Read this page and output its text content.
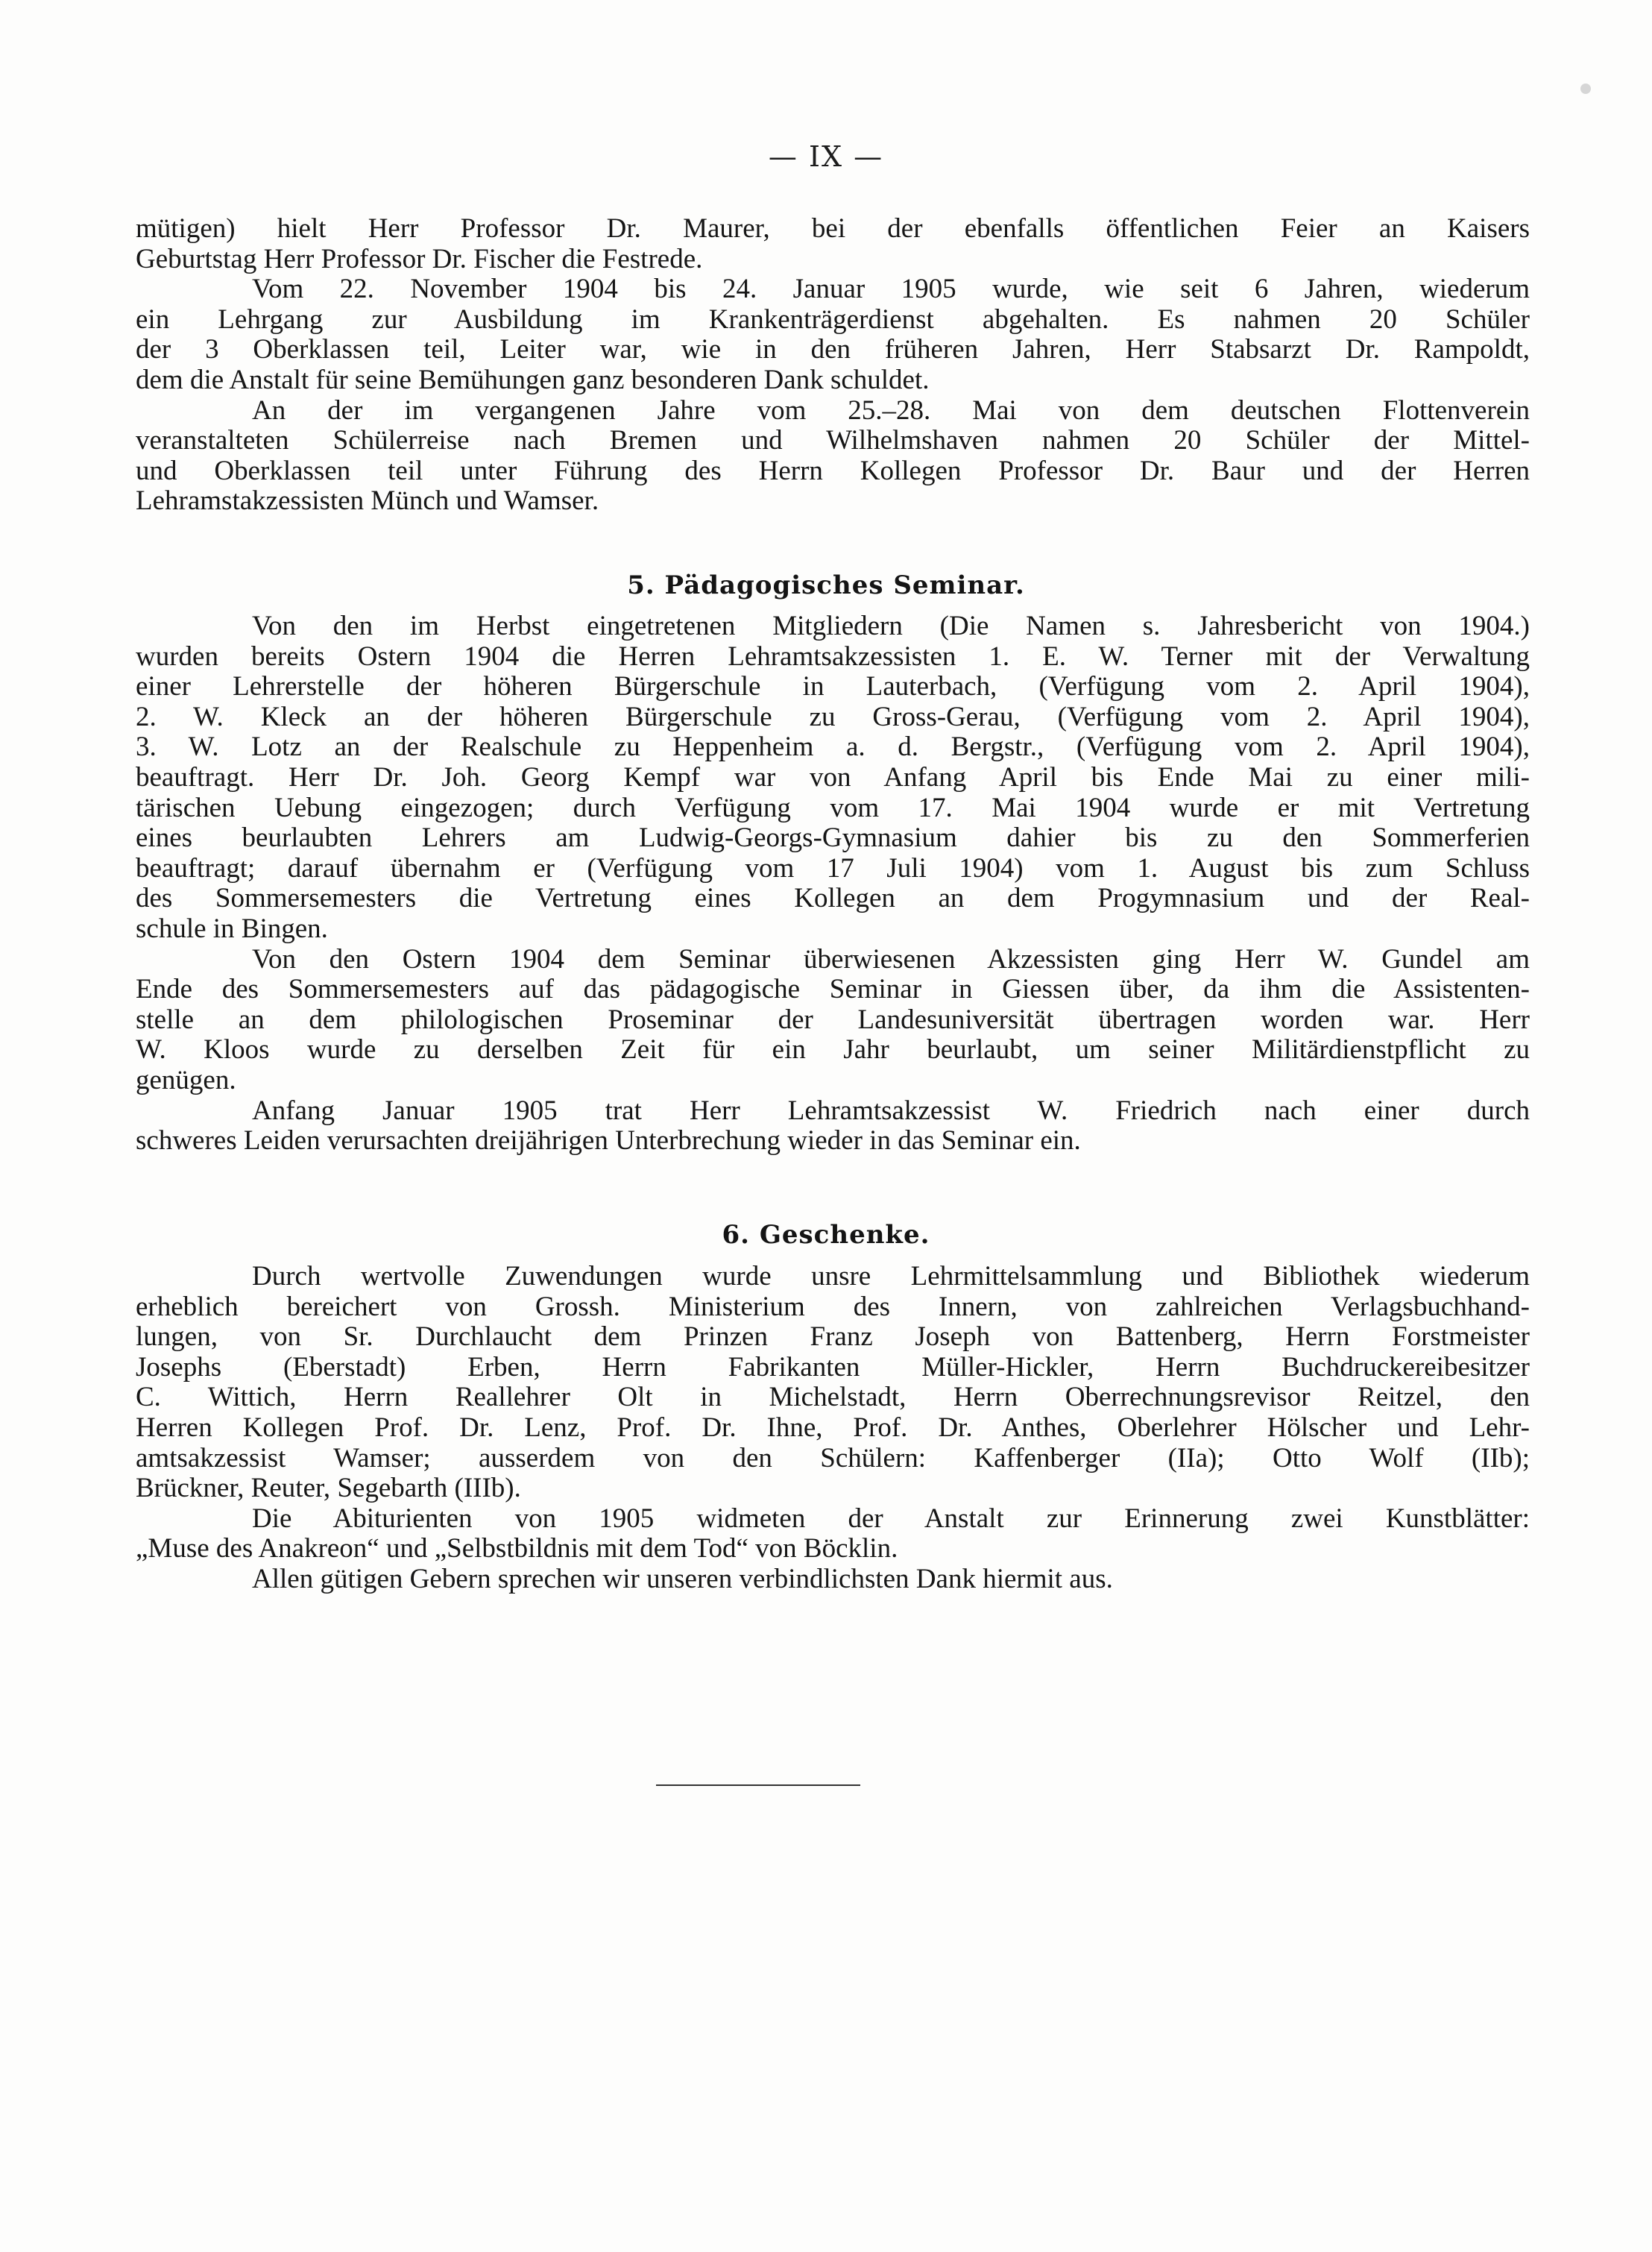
— IX —
mütigen) hielt Herr Professor Dr. Maurer, bei der ebenfalls öffentlichen Feier an Kaisers
Geburtstag Herr Professor Dr. Fischer die Festrede.
Vom 22. November 1904 bis 24. Januar 1905 wurde, wie seit 6 Jahren, wiederum
ein Lehrgang zur Ausbildung im Krankenträgerdienst abgehalten. Es nahmen 20 Schüler
der 3 Oberklassen teil, Leiter war, wie in den früheren Jahren, Herr Stabsarzt Dr. Rampoldt,
dem die Anstalt für seine Bemühungen ganz besonderen Dank schuldet.
An der im vergangenen Jahre vom 25.–28. Mai von dem deutschen Flottenverein
veranstalteten Schülerreise nach Bremen und Wilhelmshaven nahmen 20 Schüler der Mittel-
und Oberklassen teil unter Führung des Herrn Kollegen Professor Dr. Baur und der Herren
Lehramstakzessisten Münch und Wamser.
5. Pädagogisches Seminar.
Von den im Herbst eingetretenen Mitgliedern (Die Namen s. Jahresbericht von 1904.)
wurden bereits Ostern 1904 die Herren Lehramtsakzessisten 1. E. W. Terner mit der Verwaltung
einer Lehrerstelle der höheren Bürgerschule in Lauterbach, (Verfügung vom 2. April 1904),
2. W. Kleck an der höheren Bürgerschule zu Gross-Gerau, (Verfügung vom 2. April 1904),
3. W. Lotz an der Realschule zu Heppenheim a. d. Bergstr., (Verfügung vom 2. April 1904),
beauftragt. Herr Dr. Joh. Georg Kempf war von Anfang April bis Ende Mai zu einer mili-
tärischen Uebung eingezogen; durch Verfügung vom 17. Mai 1904 wurde er mit Vertretung
eines beurlaubten Lehrers am Ludwig-Georgs-Gymnasium dahier bis zu den Sommerferien
beauftragt; darauf übernahm er (Verfügung vom 17 Juli 1904) vom 1. August bis zum Schluss
des Sommersemesters die Vertretung eines Kollegen an dem Progymnasium und der Real-
schule in Bingen.
Von den Ostern 1904 dem Seminar überwiesenen Akzessisten ging Herr W. Gundel am
Ende des Sommersemesters auf das pädagogische Seminar in Giessen über, da ihm die Assistenten-
stelle an dem philologischen Proseminar der Landesuniversität übertragen worden war. Herr
W. Kloos wurde zu derselben Zeit für ein Jahr beurlaubt, um seiner Militärdienstpflicht zu
genügen.
Anfang Januar 1905 trat Herr Lehramtsakzessist W. Friedrich nach einer durch
schweres Leiden verursachten dreijährigen Unterbrechung wieder in das Seminar ein.
6. Geschenke.
Durch wertvolle Zuwendungen wurde unsre Lehrmittelsammlung und Bibliothek wiederum
erheblich bereichert von Grossh. Ministerium des Innern, von zahlreichen Verlagsbuchhand-
lungen, von Sr. Durchlaucht dem Prinzen Franz Joseph von Battenberg, Herrn Forstmeister
Josephs (Eberstadt) Erben, Herrn Fabrikanten Müller-Hickler, Herrn Buchdruckereibesitzer
C. Wittich, Herrn Reallehrer Olt in Michelstadt, Herrn Oberrechnungsrevisor Reitzel, den
Herren Kollegen Prof. Dr. Lenz, Prof. Dr. Ihne, Prof. Dr. Anthes, Oberlehrer Hölscher und Lehr-
amtsakzessist Wamser; ausserdem von den Schülern: Kaffenberger (IIa); Otto Wolf (IIb);
Brückner, Reuter, Segebarth (IIIb).
Die Abiturienten von 1905 widmeten der Anstalt zur Erinnerung zwei Kunstblätter:
„Muse des Anakreon“ und „Selbstbildnis mit dem Tod“ von Böcklin.
Allen gütigen Gebern sprechen wir unseren verbindlichsten Dank hiermit aus.
